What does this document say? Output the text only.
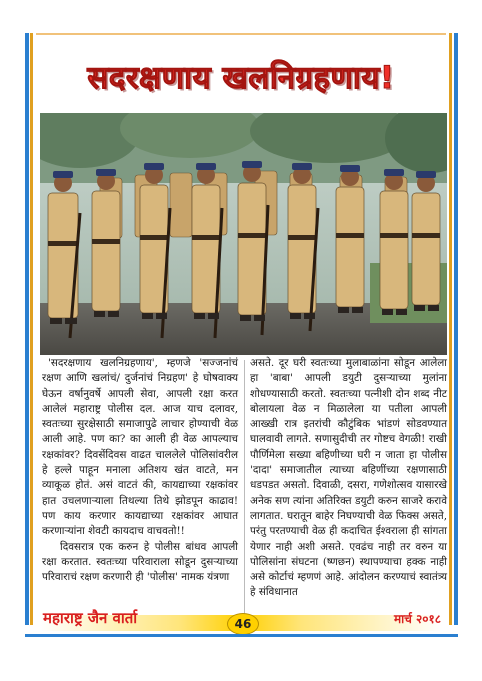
सदरक्षणाय खलनिग्रहणाय!

'सदरक्षणाय खलनिग्रहणाय', म्हणजे 'सज्जनांचं रक्षण आणि खलांचं/ दुर्जनांचं निग्रहण' हे घोषवाक्य घेऊन वर्षानुवर्षे आपली सेवा, आपली रक्षा करत आलेलं महाराष्ट्र पोलीस दल. आज याच दलावर, स्वतःच्या सुरक्षेसाठी समाजापुढे लाचार होण्याची वेळ आली आहे. पण का? का आली ही वेळ आपल्याच रक्षकांवर? दिवसेंदिवस वाढत चाललेले पोलिसांवरील हे हल्ले पाहून मनाला अतिशय खंत वाटते, मन व्याकूळ होतं. असं वाटतं की, कायद्याच्या रक्षकांवर हात उचलणाऱ्याला तिथल्या तिथे झोडपून काढाव! पण काय करणार कायद्याच्या रक्षकांवर आघात करणाऱ्यांना शेवटी कायदाच वाचवतो!!

दिवसरात्र एक करुन हे पोलीस बांधव आपली रक्षा करतात. स्वतःच्या परिवाराला सोडून दुसऱ्याच्या परिवाराचं रक्षण करणारी ही 'पोलीस' नामक यंत्रणा

असते. दूर घरी स्वतःच्या मुलाबाळांना सोडून आलेला हा 'बाबा' आपली डयुटी दुसऱ्याच्या मुलांना शोधण्यासाठी करतो. स्वतःच्या पत्नीशी दोन शब्द नीट बोलायला वेळ न मिळालेला या पतीला आपली आख्खी रात्र इतरांची कौटुंबिक भांडणं सोडवण्यात घालवावी लागते. सणासुदीची तर गोष्टच वेगळी! राखी पौर्णिमेला सख्या बहिणीच्या घरी न जाता हा पोलीस 'दादा' समाजातील त्याच्या बहिणींच्या रक्षणासाठी धडपडत असतो. दिवाळी, दसरा, गणेशोत्सव यासारखे अनेक सण त्यांना अतिरिक्त डयुटी करुन साजरे करावे लागतात. घरातून बाहेर निघण्याची वेळ फिक्स असते, परंतु परतण्याची वेळ ही कदाचित ईश्वराला ही सांगता येणार नाही अशी असते. एवढंच नाही तर वरुन या पोलिसांना संघटना (ष्णछन) स्थापण्याचा हक्क नाही असे कोर्टाचं म्हणणं आहे. आंदोलन करण्याचं स्वातंत्र्य हे संविधानात

महाराष्ट्र जैन वार्ता	46	मार्च २०१८
